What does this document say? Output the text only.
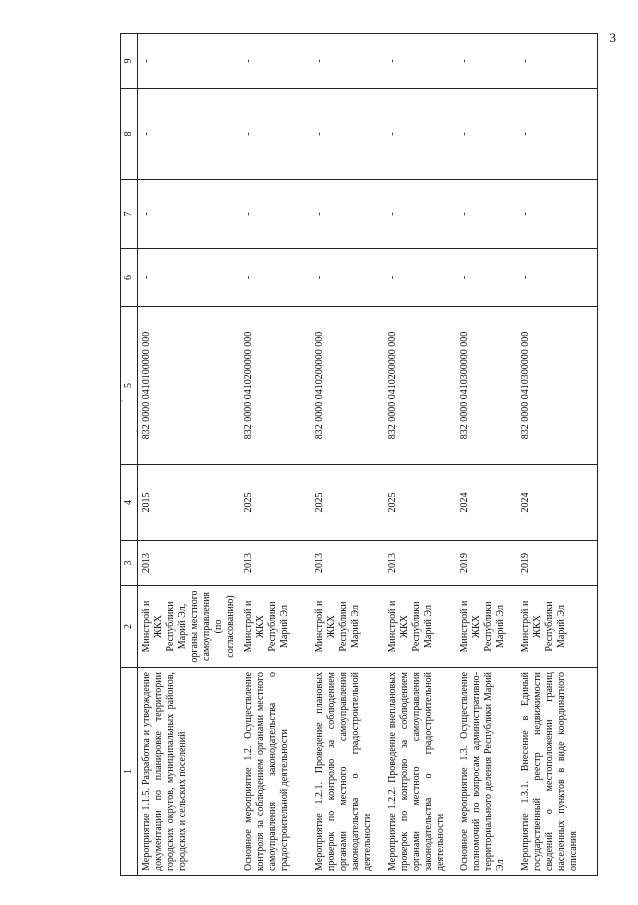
3
1	2	3	4	5	6	7	8	9
Мероприятие 1.1.5. Разработка и утверждение документации по планировке территории городских округов, муниципальных районов, городских и сельских поселений	Минстрой и ЖКХ Республики Марий Эл, органы местного самоуправления (по согласованию)	2013	2015	832 0000 0410100000 000	-	-	-	-
Основное мероприятие 1.2. Осуществление контроля за соблюдением органами местного самоуправления законодательства о градостроительной деятельности	Минстрой и ЖКХ Республики Марий Эл	2013	2025	832 0000 0410200000 000	-	-	-	-
Мероприятие 1.2.1. Проведение плановых проверок по контролю за соблюдением органами местного самоуправления законодательства о градостроительной деятельности	Минстрой и ЖКХ Республики Марий Эл	2013	2025	832 0000 0410200000 000	-	-	-	-
Мероприятие 1.2.2. Проведение внеплановых проверок по контролю за соблюдением органами местного самоуправления законодательства о градостроительной деятельности	Минстрой и ЖКХ Республики Марий Эл	2013	2025	832 0000 0410200000 000	-	-	-	-
Основное мероприятие 1.3. Осуществление полномочий по вопросам административно-территориального деления Республики Марий Эл	Минстрой и ЖКХ Республики Марий Эл	2019	2024	832 0000 0410300000 000	-	-	-	-
Мероприятие 1.3.1. Внесение в Единый государственный реестр недвижимости сведений о местоположении границ населенных пунктов в виде координатного описания	Минстрой и ЖКХ Республики Марий Эл	2019	2024	832 0000 0410300000 000	-	-	-	-
